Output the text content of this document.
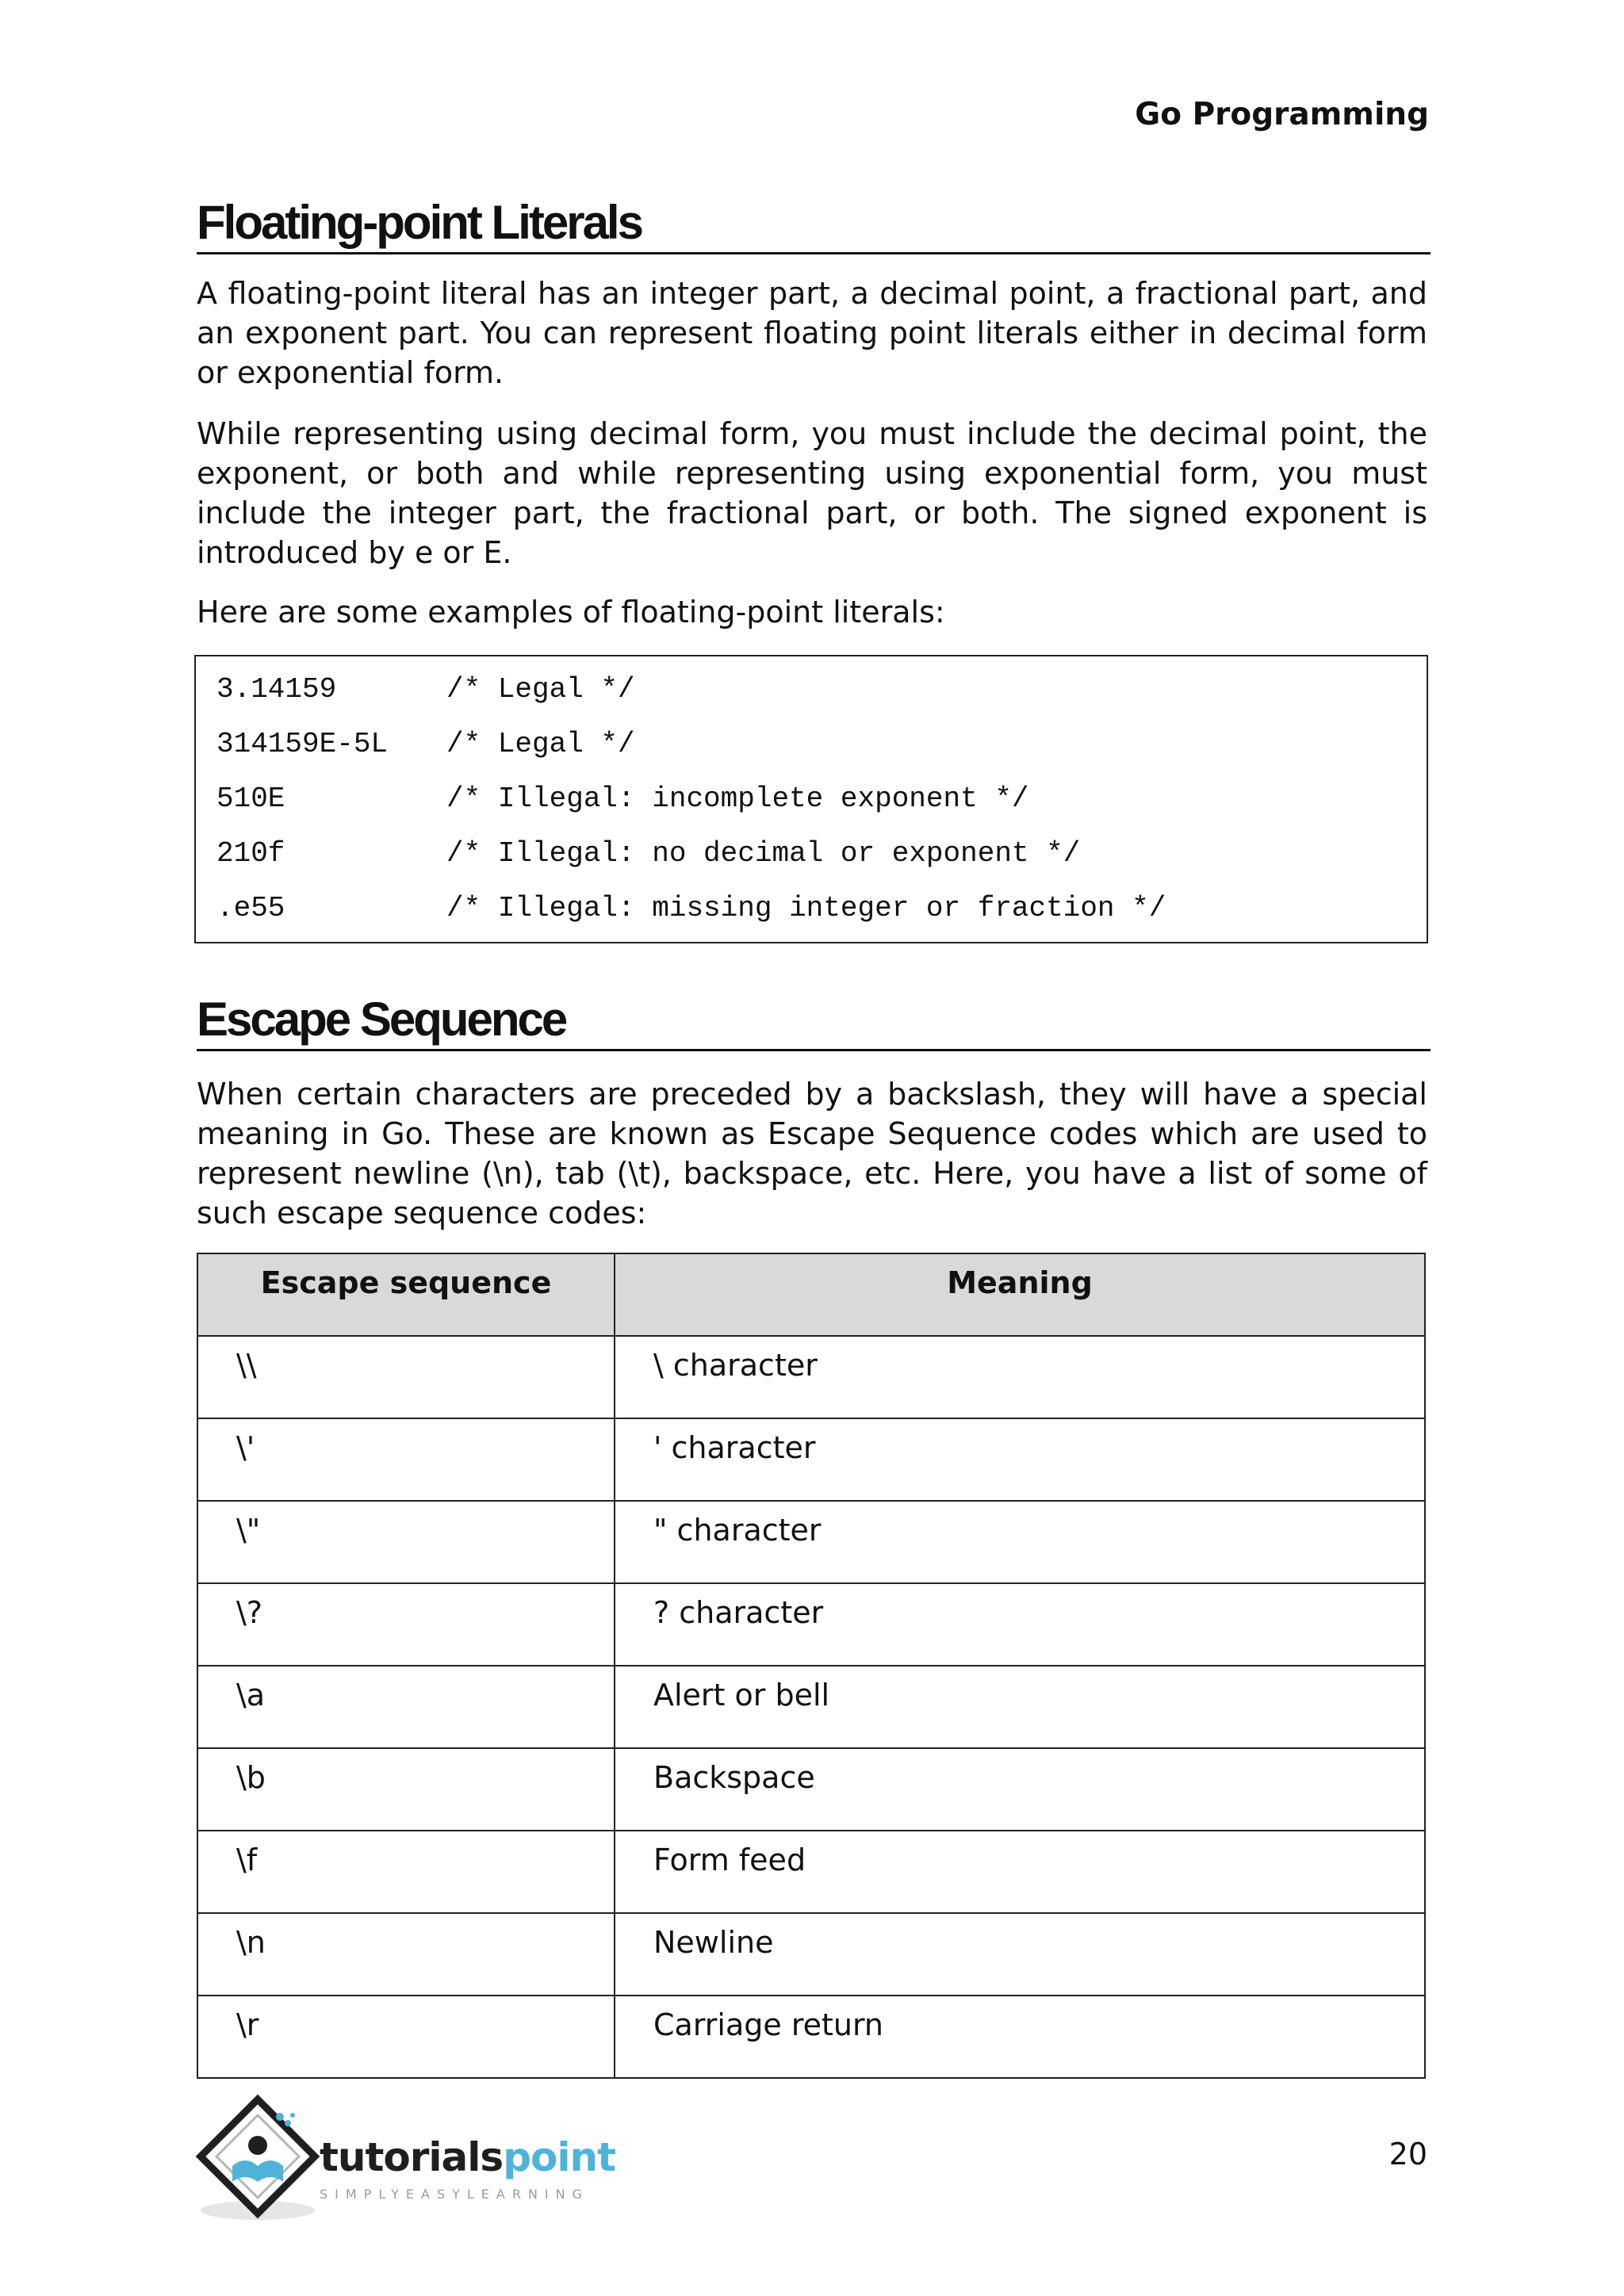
Go Programming
Floating-point Literals

A floating-point literal has an integer part, a decimal point, a fractional part, and an exponent part. You can represent floating point literals either in decimal form or exponential form.

While representing using decimal form, you must include the decimal point, the exponent, or both and while representing using exponential form, you must include the integer part, the fractional part, or both. The signed exponent is introduced by e or E.

Here are some examples of floating-point literals:

3.14159	/* Legal */
314159E-5L /* Legal */
510E	/* Illegal: incomplete exponent */
210f	/* Illegal: no decimal or exponent */
.e55	/* Illegal: missing integer or fraction */
Escape Sequence

When certain characters are preceded by a backslash, they will have a special meaning in Go. These are known as Escape Sequence codes which are used to represent newline (\n), tab (\t), backspace, etc. Here, you have a list of some of such escape sequence codes:

Escape sequence	Meaning
\\	\ character
\'	' character
\"	" character
\?	? character
\a	Alert or bell
\b	Backspace
\f	Form feed
\n	Newline
\r	Carriage return
tutorialspoint
SIMPLYEASYLEARNING
20
